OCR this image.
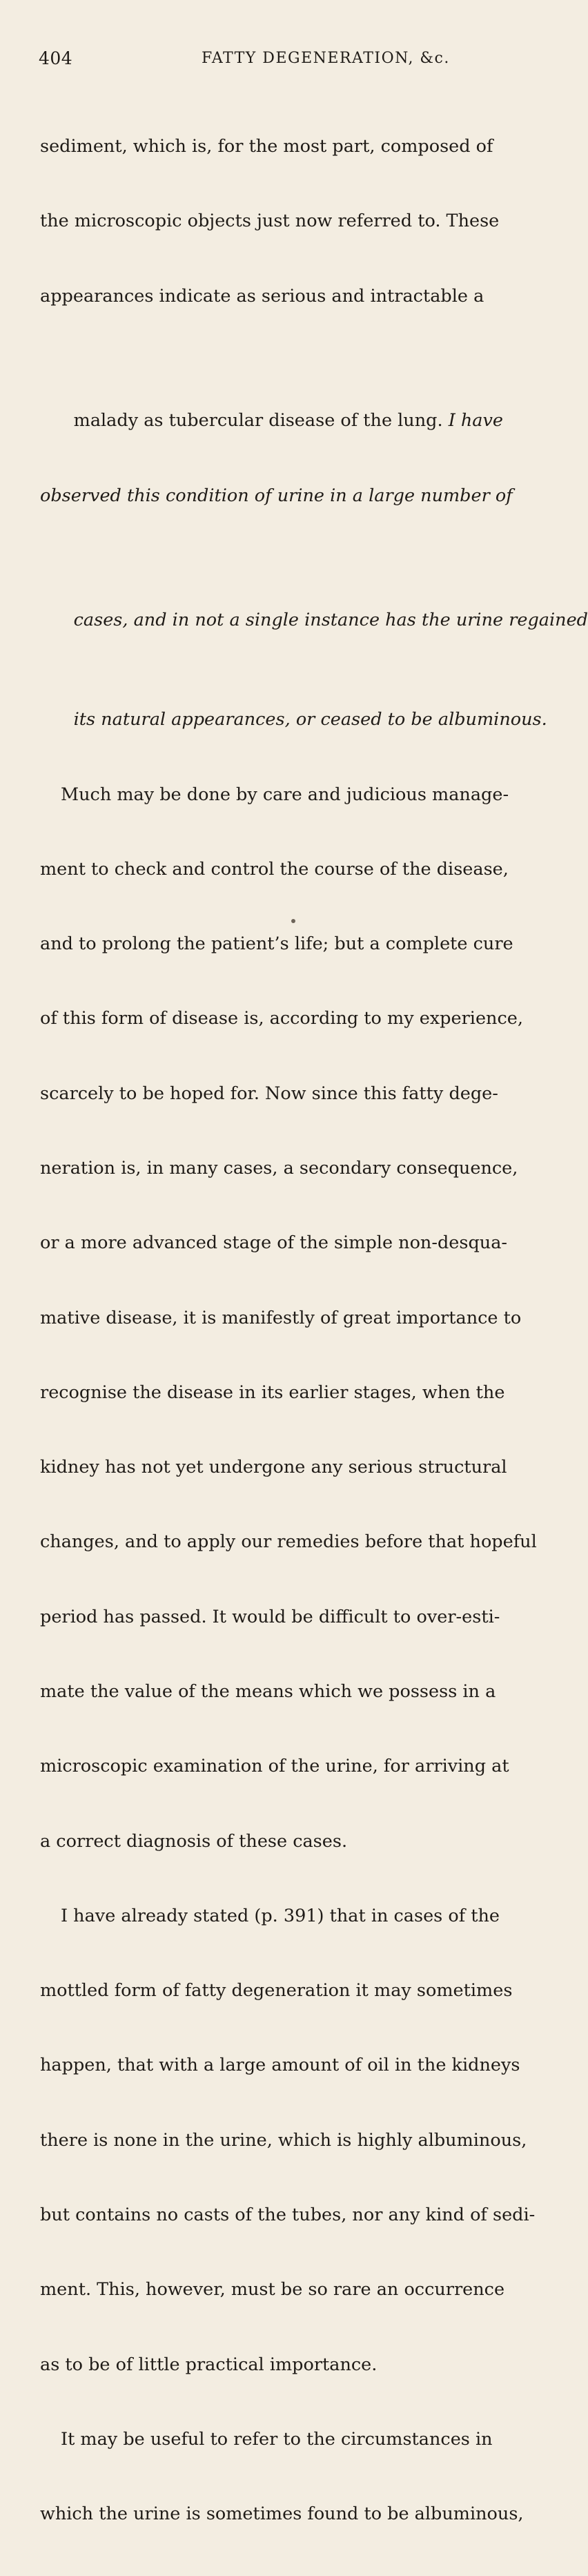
404	FATTY DEGENERATION, &c.

sediment, which is, for the most part, composed of

the microscopic objects just now referred to. These

appearances indicate as serious and intractable a

malady as tubercular disease of the lung. I have

observed this condition of urine in a large number of

cases, and in not a single instance has the urine regained

its natural appearances, or ceased to be albuminous.

Much may be done by care and judicious manage-

ment to check and control the course of the disease,

and to prolong the patient’s life; but a complete cure

of this form of disease is, according to my experience,

scarcely to be hoped for. Now since this fatty dege-

neration is, in many cases, a secondary consequence,

or a more advanced stage of the simple non-desqua-

mative disease, it is manifestly of great importance to

recognise the disease in its earlier stages, when the

kidney has not yet undergone any serious structural

changes, and to apply our remedies before that hopeful

period has passed. It would be difficult to over-esti-

mate the value of the means which we possess in a

microscopic examination of the urine, for arriving at

a correct diagnosis of these cases.

I have already stated (p. 391) that in cases of the

mottled form of fatty degeneration it may sometimes

happen, that with a large amount of oil in the kidneys

there is none in the urine, which is highly albuminous,

but contains no casts of the tubes, nor any kind of sedi-

ment. This, however, must be so rare an occurrence

as to be of little practical importance.

It may be useful to refer to the circumstances in

which the urine is sometimes found to be albuminous,
